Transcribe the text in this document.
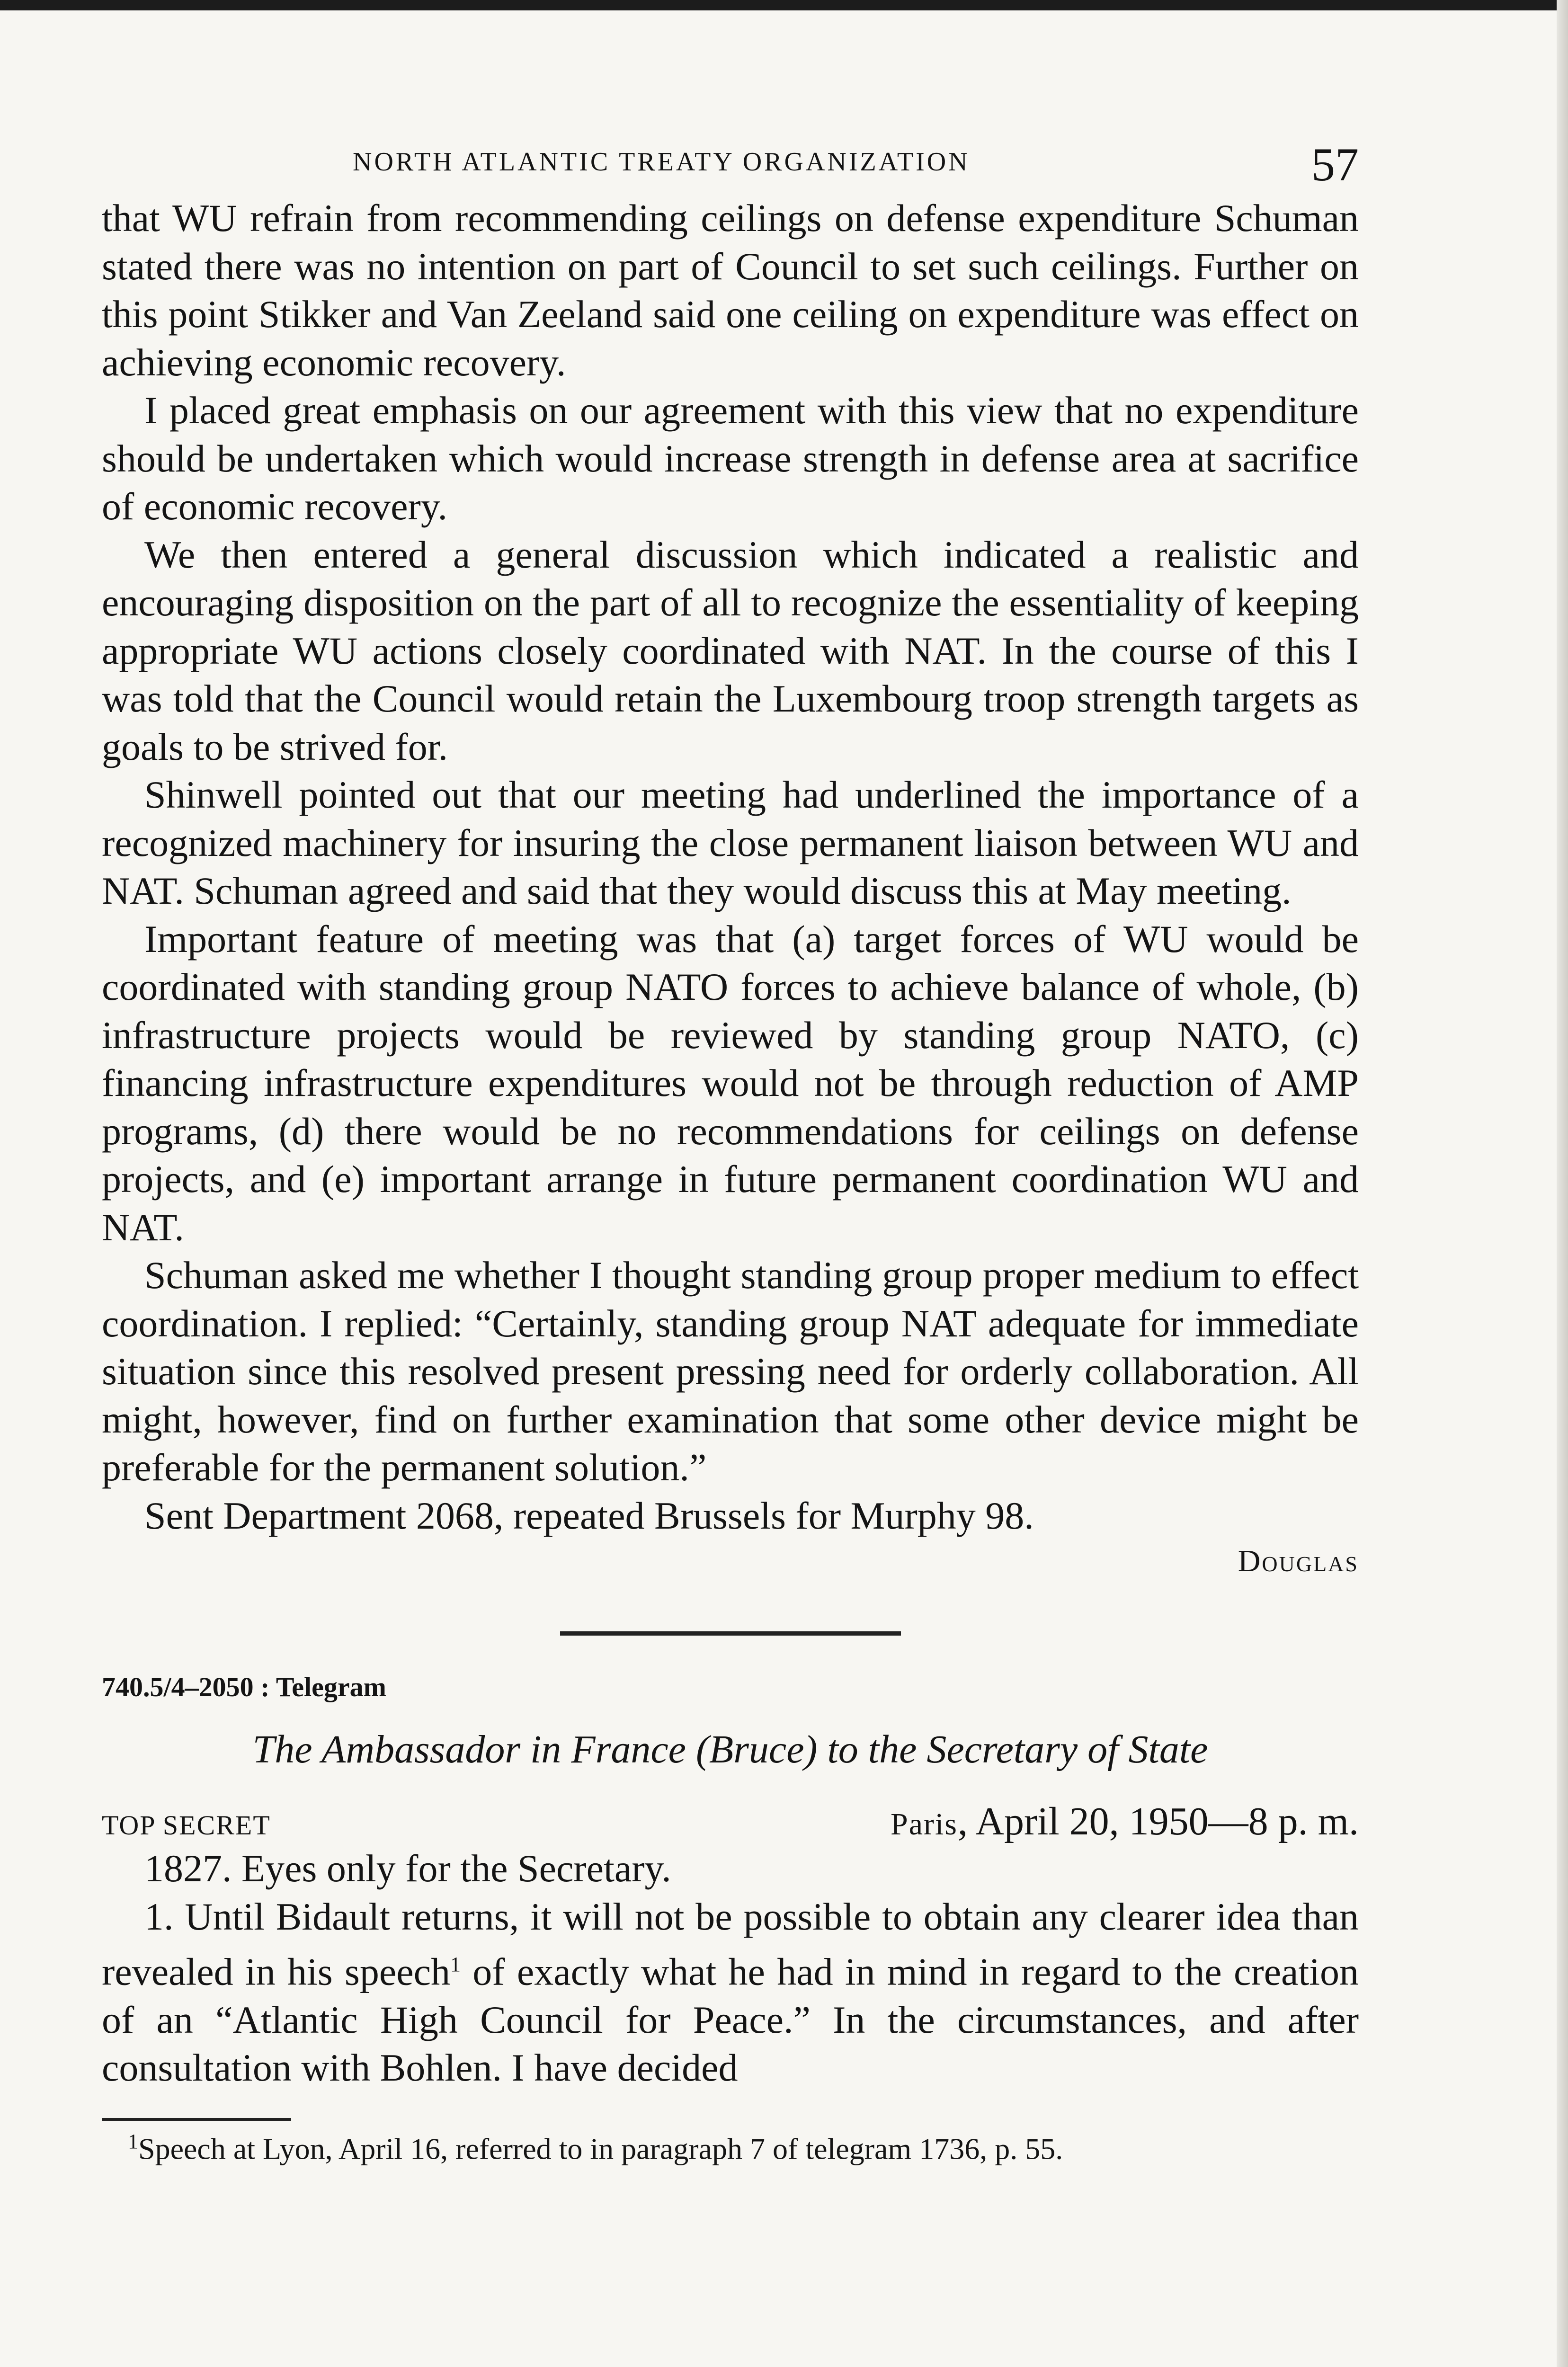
NORTH ATLANTIC TREATY ORGANIZATION	57

that WU refrain from recommending ceilings on defense expenditure Schuman stated there was no intention on part of Council to set such ceilings. Further on this point Stikker and Van Zeeland said one ceiling on expenditure was effect on achieving economic recovery.

I placed great emphasis on our agreement with this view that no expenditure should be undertaken which would increase strength in defense area at sacrifice of economic recovery.

We then entered a general discussion which indicated a realistic and encouraging disposition on the part of all to recognize the essentiality of keeping appropriate WU actions closely coordinated with NAT. In the course of this I was told that the Council would retain the Luxembourg troop strength targets as goals to be strived for.

Shinwell pointed out that our meeting had underlined the importance of a recognized machinery for insuring the close permanent liaison between WU and NAT. Schuman agreed and said that they would discuss this at May meeting.

Important feature of meeting was that (a) target forces of WU would be coordinated with standing group NATO forces to achieve balance of whole, (b) infrastructure projects would be reviewed by standing group NATO, (c) financing infrastructure expenditures would not be through reduction of AMP programs, (d) there would be no recommendations for ceilings on defense projects, and (e) important arrange in future permanent coordination WU and NAT.

Schuman asked me whether I thought standing group proper medium to effect coordination. I replied: “Certainly, standing group NAT adequate for immediate situation since this resolved present pressing need for orderly collaboration. All might, however, find on further examination that some other device might be preferable for the permanent solution.”

Sent Department 2068, repeated Brussels for Murphy 98.

Douglas
740.5/4–2050 : Telegram
The Ambassador in France (Bruce) to the Secretary of State
TOP SECRET	Paris, April 20, 1950—8 p. m.

1827. Eyes only for the Secretary.

1. Until Bidault returns, it will not be possible to obtain any clearer idea than revealed in his speech$^1$ of exactly what he had in mind in regard to the creation of an “Atlantic High Council for Peace.” In the circumstances, and after consultation with Bohlen. I have decided

$^1$Speech at Lyon, April 16, referred to in paragraph 7 of telegram 1736, p. 55.
